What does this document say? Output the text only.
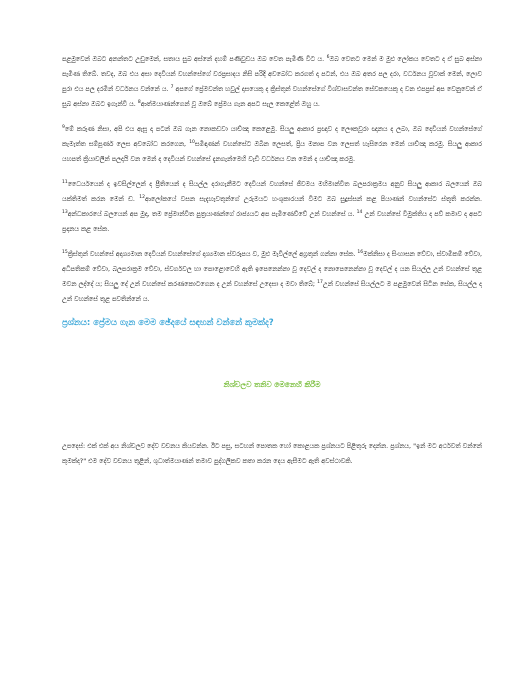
පළමුවෙන් ඔබට අනන්තට උඩුමෙන්, සතාය සුබ අස්නේ දහම් පණිවුඩය ඔබ වෙත පැමිණි විට ය. $^6$ඔබ වෙතට මෙන් ම මුළු ලෝකය වෙතට ද ඒ සුබ අස්නා පැමිණ තිබේ. තවද, ඔබ එය අසා දෙවියන් වහන්සේගේ වරප්‍රසාදය නිසි පරිදි අවබෝධ කරගත් දා පටන්, එය ඔබ අතර පල දරා, වර්ධනය වූවාක් මෙන්, ලොව පුරා එය පල දරමින් වර්ධනය වන්නේ ය. $^7$ අපගේ ප්‍රේමවන්ත හවුල් දාසයෙකු ද ක්‍රිස්තුන් වහන්සේගේ විශ්වාසවන්ත සේවකයෙකු ද වන එපප්‍රස් අප වෙනුවෙන් ඒ සුබ අස්නා ඔබට ඉගැන්වී ය. $^8$ආත්මයාණන්ගෙන් වූ ඔබේ ප්‍රේමය ගැන අපට සැල කෙළේත් ඔහු ය.

$^9$මේ කරුණ නිසා, අපි එය ඇසූ දා පටන් ඔබ ගැන නොකඩවා යාච්ඤා කෙළෙමු. සියලු ආකාර ප්‍රඥාව ද ලෞකවූරා ඥානය ද ලබා, ඔබ දෙවියන් වහන්සේගේ කැමැත්ත සම්පූර්ණ ලෙස අවබෝධ කරගෙන, $^{10}$සමිඳාණන් වහන්සේට ඔබින ලෙසත්, ප්‍රිය මනාප වන ලෙසත් හැසිරෙන මෙන් යාච්ඤා කරමු. සියලු ආකාර යහපත් ක්‍රියාවලින් පලදායි වන මෙන් ද දෙවියන් වහන්සේ දැනගැන්මෙහි වැඩි වර්ධනය වන මෙන් ද යාච්ඤා කරමු.

$^{11}$ධෛර්යයෙන් ද ඉවසිල්ලෙන් ද ප්‍රීතියෙන් ද සියල්ල දරාගැනීමට දෙවියන් වහන්සේ ජීවමය මහිමාන්විත බලපරාක්‍රමය අනුව සියලු ආකාර බලයෙන් ඔබ යක්තිමත් කරන මෙන් ඩ. $^{12}$ආලෝකයේ වසන සැදැහැවතුන්ගේ උරුමයට හංශුකාරයන් වීමට ඔබ සුදුස්සන් කළ පියාණන් වහන්සේට ස්තූති කරන්න. $^{13}$අන්ධකාරයේ බලයෙන් අප මුදා, තම ප්‍රේමාන්විත පුත්‍රයාණන්ගේ රාජ්‍යයට අප පැමිණෙව්වේ උන් වහන්සේ ය. $^{14}$ උන් වහන්සේ විමුක්තිය ද පව් කමාව ද අපට ප්‍රදානය කළ සේක.

$^{15}$ක්‍රිස්තුන් වහන්සේ අදෘශ්‍යමාන දෙවියන් වහන්සේගේ දෘශ්‍යමාන ස්වරූපය ව, මුළු මැවිල්ලේ අග්‍රතුන් ගන්නා සේක. $^{16}$මක්නිසා ද සිංහාසන වේවා, ස්වාමිකම් වේවා, අධිපතිකම් වේවා, බලපරාක්‍රම වේවා, ස්වර්ගවල හා පොළොවෙහි ඇති ඉපෙනෙන්නා වූ දෙවල් ද නොපෙනෙන්නා වූ දෙවල් ද යන සියල්ල උන් වහන්සේ තුළ මවන ලද්දේ ය; සියලු දේ උන් වහන්සේ කරණකොටගෙන ද උන් වහන්සේ උදෙසා ද මවා තිබේ; $^{17}$උන් වහන්සේ සියල්ලට ම පළමුවෙන් සිටින සේක, සියල්ල ද උන් වහන්සේ තුළ පවතින්නේ ය.

ප්‍රශ්නය: ප්‍රේමය ගැන මෙම ඡේදයේ සඳහන් වන්නේ කුමක්ද?
නිශ්චලව තනිව මෙනෙහි කිරීම

උපදෙස්: එක් එක් අය නිශ්චලව දේව වචනය කියවන්න. ඊට පසු, සටහන් පොතක හෝ කොළයක ප්‍රශ්නයට පිළිතුරු දෙන්න. ප්‍රශ්නය, "ඉන් මට අර්ථවත් වන්නේ කුමක්ද?" එම දේව වචනය තුළින්, ශුධාත්මයාණන් තමාව පුද්ගලිකව කතා කරන දෙය ඇසීමට ඇති අවස්ථාවකි.
